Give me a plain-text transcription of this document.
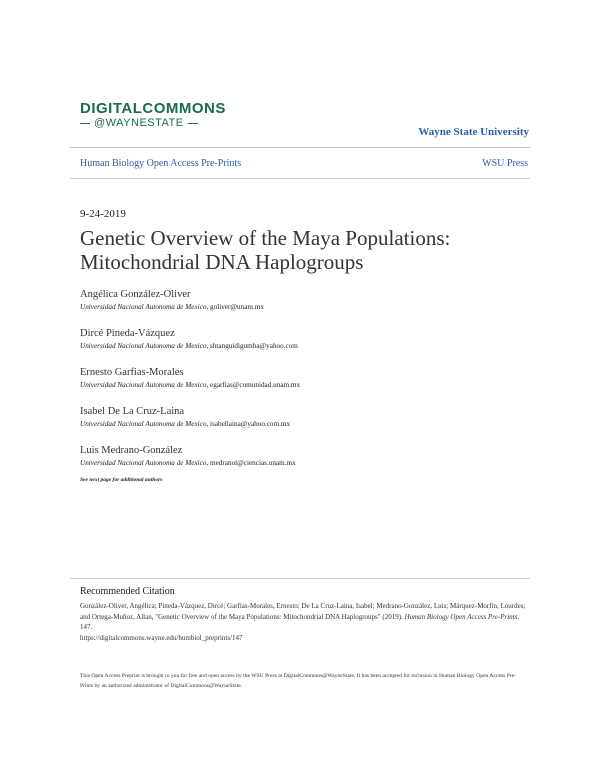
DIGITALCOMMONS
@WAYNESTATE
Wayne State University
Human Biology Open Access Pre-Prints	WSU Press
9-24-2019
Genetic Overview of the Maya Populations:
Mitochondrial DNA Haplogroups
Angélica González-Oliver
Universidad Nacional Autonoma de Mexico, goliver@unam.mx
Dircé Pineda-Vázquez
Universidad Nacional Autonoma de Mexico, shtanguidigumba@yahoo.com
Ernesto Garfias-Morales
Universidad Nacional Autonoma de Mexico, egarfias@comunidad.unam.mx
Isabel De La Cruz-Laina
Universidad Nacional Autonoma de Mexico, isabellaina@yahoo.com.mx
Luis Medrano-González
Universidad Nacional Autonoma de Mexico, medranol@ciencias.unam.mx
See next page for additional authors
Recommended Citation
González-Oliver, Angélica; Pineda-Vázquez, Dircé; Garfias-Morales, Ernesto; De La Cruz-Laina, Isabel; Medrano-González, Luis; Márquez-Morfín, Lourdes; and Ortega-Muñoz, Allan, "Genetic Overview of the Maya Populations: Mitochondrial DNA Haplogroups" (2019). Human Biology Open Access Pre-Prints. 147.
https://digitalcommons.wayne.edu/humbiol_preprints/147
This Open Access Preprint is brought to you for free and open access by the WSU Press at DigitalCommons@WayneState. It has been accepted for inclusion in Human Biology Open Access Pre-Prints by an authorized administrator of DigitalCommons@WayneState.
